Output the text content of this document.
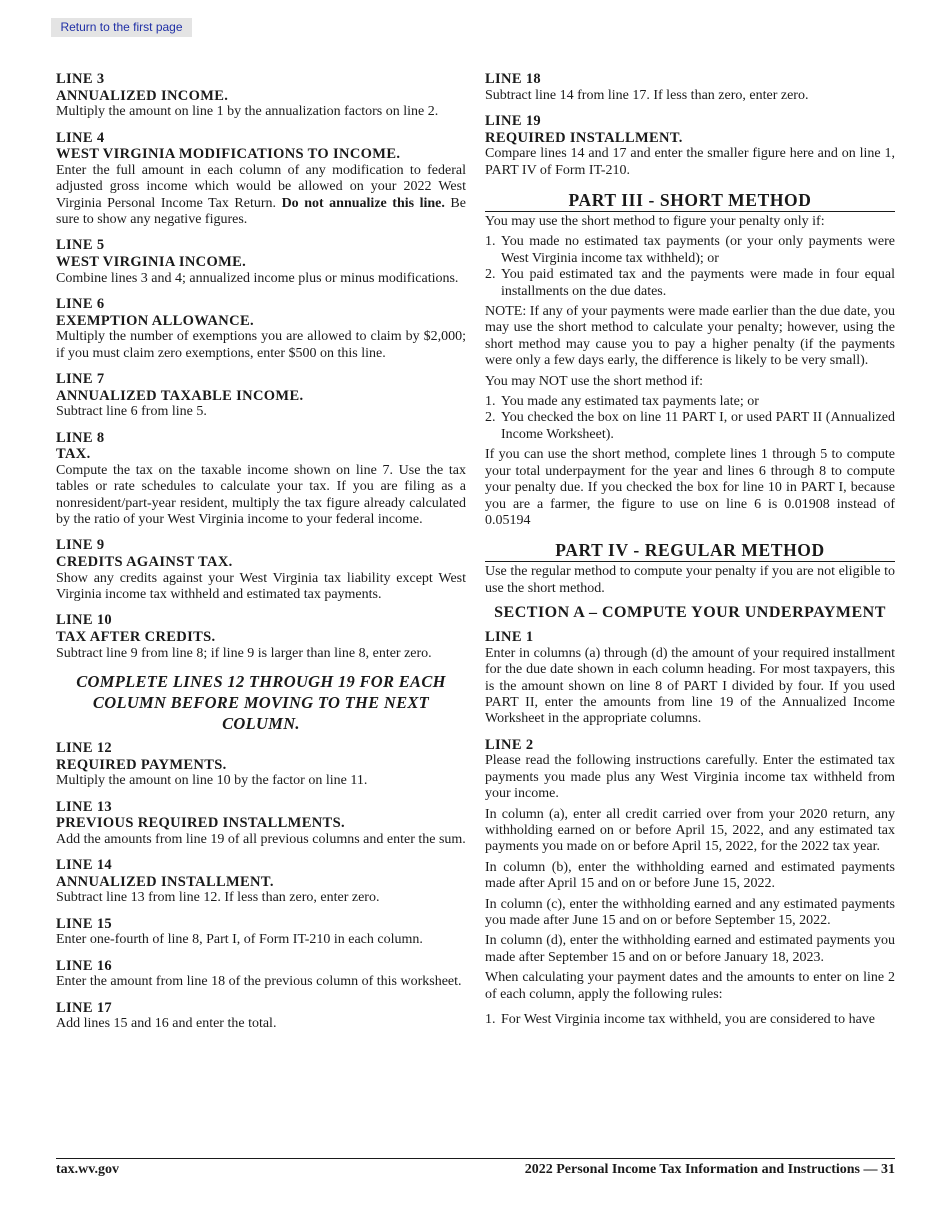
Return to the first page
LINE 3
ANNUALIZED INCOME.
Multiply the amount on line 1 by the annualization factors on line 2.
LINE 4
WEST VIRGINIA MODIFICATIONS TO INCOME.
Enter the full amount in each column of any modification to federal adjusted gross income which would be allowed on your 2022 West Virginia Personal Income Tax Return. Do not annualize this line. Be sure to show any negative figures.
LINE 5
WEST VIRGINIA INCOME.
Combine lines 3 and 4; annualized income plus or minus modifications.
LINE 6
EXEMPTION ALLOWANCE.
Multiply the number of exemptions you are allowed to claim by $2,000; if you must claim zero exemptions, enter $500 on this line.
LINE 7
ANNUALIZED TAXABLE INCOME.
Subtract line 6 from line 5.
LINE 8
TAX.
Compute the tax on the taxable income shown on line 7. Use the tax tables or rate schedules to calculate your tax. If you are filing as a nonresident/part-year resident, multiply the tax figure already calculated by the ratio of your West Virginia income to your federal income.
LINE 9
CREDITS AGAINST TAX.
Show any credits against your West Virginia tax liability except West Virginia income tax withheld and estimated tax payments.
LINE 10
TAX AFTER CREDITS.
Subtract line 9 from line 8; if line 9 is larger than line 8, enter zero.
COMPLETE LINES 12 THROUGH 19 FOR EACH COLUMN BEFORE MOVING TO THE NEXT COLUMN.
LINE 12
REQUIRED PAYMENTS.
Multiply the amount on line 10 by the factor on line 11.
LINE 13
PREVIOUS REQUIRED INSTALLMENTS.
Add the amounts from line 19 of all previous columns and enter the sum.
LINE 14
ANNUALIZED INSTALLMENT.
Subtract line 13 from line 12. If less than zero, enter zero.
LINE 15
Enter one-fourth of line 8, Part I, of Form IT-210 in each column.
LINE 16
Enter the amount from line 18 of the previous column of this worksheet.
LINE 17
Add lines 15 and 16 and enter the total.
LINE 18
Subtract line 14 from line 17. If less than zero, enter zero.
LINE 19
REQUIRED INSTALLMENT.
Compare lines 14 and 17 and enter the smaller figure here and on line 1, PART IV of Form IT-210.
PART III - SHORT METHOD
You may use the short method to figure your penalty only if:
1. You made no estimated tax payments (or your only payments were West Virginia income tax withheld); or
2. You paid estimated tax and the payments were made in four equal installments on the due dates.
NOTE: If any of your payments were made earlier than the due date, you may use the short method to calculate your penalty; however, using the short method may cause you to pay a higher penalty (if the payments were only a few days early, the difference is likely to be very small).
You may NOT use the short method if:
1. You made any estimated tax payments late; or
2. You checked the box on line 11 PART I, or used PART II (Annualized Income Worksheet).
If you can use the short method, complete lines 1 through 5 to compute your total underpayment for the year and lines 6 through 8 to compute your penalty due. If you checked the box for line 10 in PART I, because you are a farmer, the figure to use on line 6 is 0.01908 instead of 0.05194
PART IV - REGULAR METHOD
Use the regular method to compute your penalty if you are not eligible to use the short method.
SECTION A – COMPUTE YOUR UNDERPAYMENT
LINE 1
Enter in columns (a) through (d) the amount of your required installment for the due date shown in each column heading. For most taxpayers, this is the amount shown on line 8 of PART I divided by four. If you used PART II, enter the amounts from line 19 of the Annualized Income Worksheet in the appropriate columns.
LINE 2
Please read the following instructions carefully. Enter the estimated tax payments you made plus any West Virginia income tax withheld from your income.
In column (a), enter all credit carried over from your 2020 return, any withholding earned on or before April 15, 2022, and any estimated tax payments you made on or before April 15, 2022, for the 2022 tax year.
In column (b), enter the withholding earned and estimated payments made after April 15 and on or before June 15, 2022.
In column (c), enter the withholding earned and any estimated payments you made after June 15 and on or before September 15, 2022.
In column (d), enter the withholding earned and estimated payments you made after September 15 and on or before January 18, 2023.
When calculating your payment dates and the amounts to enter on line 2 of each column, apply the following rules:
1. For West Virginia income tax withheld, you are considered to have
tax.wv.gov	2022 Personal Income Tax Information and Instructions — 31
